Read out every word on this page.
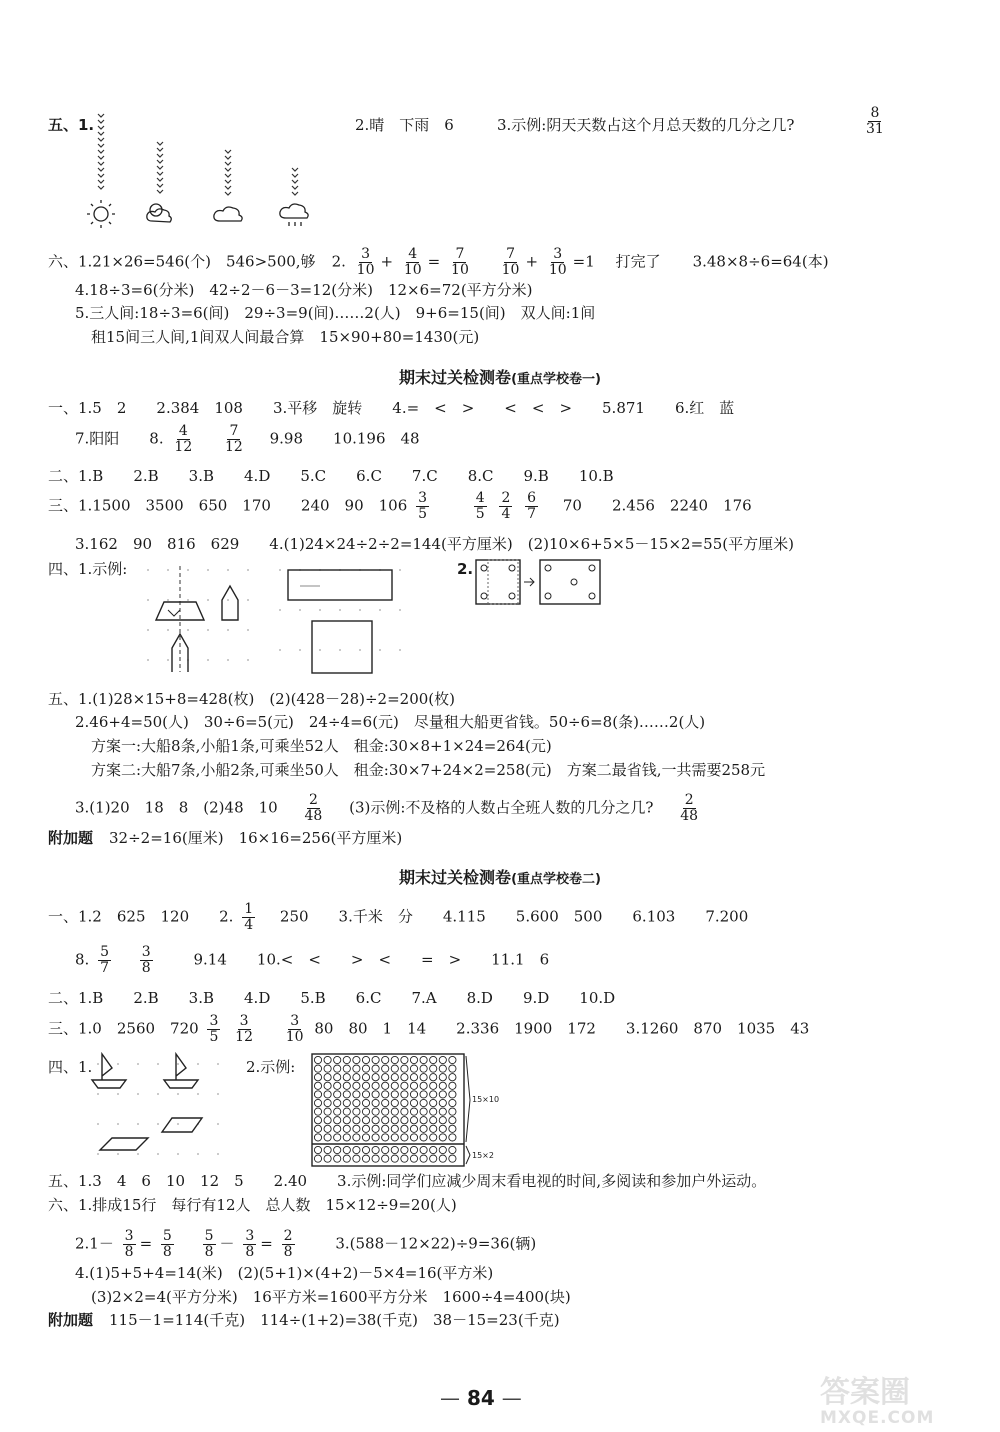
五、1.	2.晴　下雨　6	3.示例:阴天天数占这个月总天数的几分之几?	$\frac{8}{31}$
六、1.21×26=546(个)　546>500,够 2. $\frac{3}{10} + \frac{4}{10} = \frac{7}{10}$
$\frac{7}{10} + \frac{3}{10} =1$ 打完了 3.48×8÷6=64(本)
4.18÷3=6(分米)　42÷2－6－3=12(分米)　12×6=72(平方分米)
5.三人间:18÷3=6(间)　29÷3=9(间)……2(人)　9+6=15(间)　双人间:1间
租15间三人间,1间双人间最合算　15×90+80=1430(元)
期末过关检测卷(重点学校卷一)
一、1.5　2　　2.384　108　　3.平移　旋转　　4.=　<　>　　<　<　>　　5.871　　6.红　蓝
7.阳阳　　8. $\frac{4}{12}$
$\frac{7}{12} 9.98$　　10.196　48
二、1.B　　2.B　　3.B　　4.D　　5.C　　6.C　　7.C　　8.C　　9.B　　10.B
三、1.1500　3500　650　170　　240　90　$106 \frac{3}{5}$
	$\frac{4}{5}$
$\frac{2}{4}$
$\frac{6}{7} 70$　　2.456　2240　176
3.162　90　816　629　　4.(1)24×24÷2÷2=144(平方厘米)　(2)10×6+5×5－15×2=55(平方厘米)
四、1.示例:	2.
五、1.(1)28×15+8=428(枚)　(2)(428－28)÷2=200(枚)
2.46+4=50(人)　30÷6=5(元)　24÷4=6(元)　尽量租大船更省钱。50÷6=8(条)……2(人)
方案一:大船8条,小船1条,可乘坐52人　租金:30×8+1×24=264(元)
方案二:大船7条,小船2条,可乘坐50人　租金:30×7+24×2=258(元)　方案二最省钱,一共需要258元
3.(1)20　18　8　(2)48　$10 \frac{2}{48} (3)$示例:不及格的人数占全班人数的几分之几? $\frac{2}{48}$
附加题 32÷2=16(厘米)　16×16=256(平方厘米)
期末过关检测卷(重点学校卷二)
一、1.2　625　120　　2. $\frac{1}{4} 250$　　3.千米　分　　4.115　　5.600　500　　6.103　　7.200
8. $\frac{5}{7}$
$\frac{3}{8}$	9.14　　10.<　<　　>　<　　=　>　　11.1　6
二、1.B　　2.B　　3.B　　4.D　　5.B　　6.C　　7.A　　8.D　　9.D　　10.D
三、1.0　2560　$720 \frac{3}{5}$
$\frac{3}{12}$
$\frac{3}{10} 80$　80　1　14　　2.336　1900　172　　3.1260　870　1035　43
四、1.	2.示例:
15×10
15×2
五、1.3　4　6　10　12　5　　2.40　　3.示例:同学们应减少周末看电视的时间,多阅读和参加户外运动。
六、1.排成15行　每行有12人　总人数　15×12÷9=20(人)
$2.1- \frac{3}{8} = \frac{5}{8}$
$\frac{5}{8} - \frac{3}{8} = \frac{2}{8}$	3.(588－12×22)÷9=36(辆)
4.(1)5+5+4=14(米)　(2)(5+1)×(4+2)－5×4=16(平方米)
(3)2×2=4(平方分米)　16平方米=1600平方分米　1600÷4=400(块)
附加题 115－1=114(千克)　114÷(1+2)=38(千克)　38－15=23(千克)
— 84 —	答案圈
MXQE.COM
